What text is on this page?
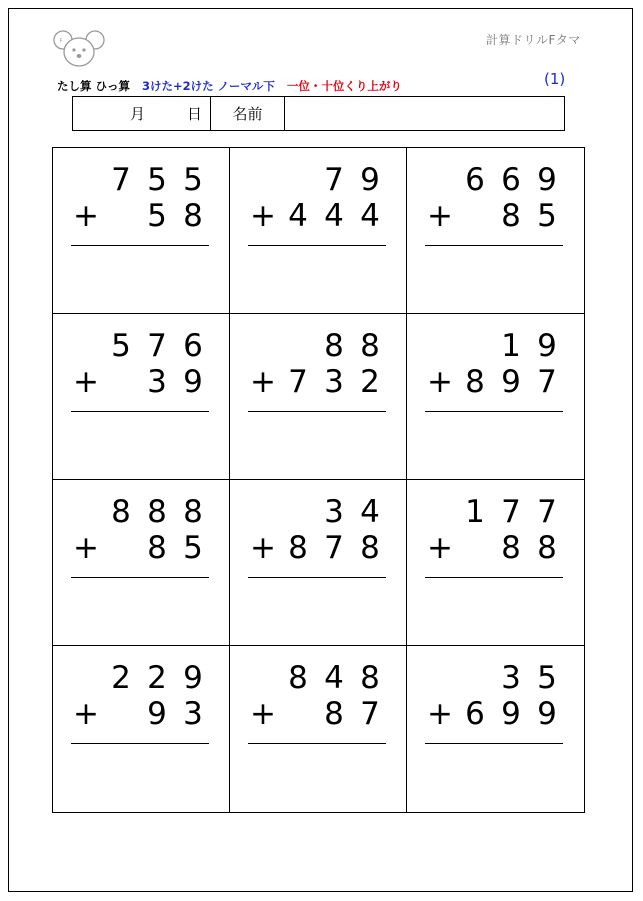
F	計算ドリルFタマ
たし算 ひっ算 3けた+2けた ノーマル下 一位・十位くり上がり	(1)
月	日	名前
7 5 5
+ 5 8
7 9
+ 4 4 4
6 6 9
+ 8 5
5 7 6
+ 3 9
8 8
+ 7 3 2
1 9
+ 8 9 7
8 8 8
+ 8 5
3 4
+ 8 7 8
1 7 7
+ 8 8
2 2 9
+ 9 3
8 4 8
+ 8 7
3 5
+ 6 9 9
